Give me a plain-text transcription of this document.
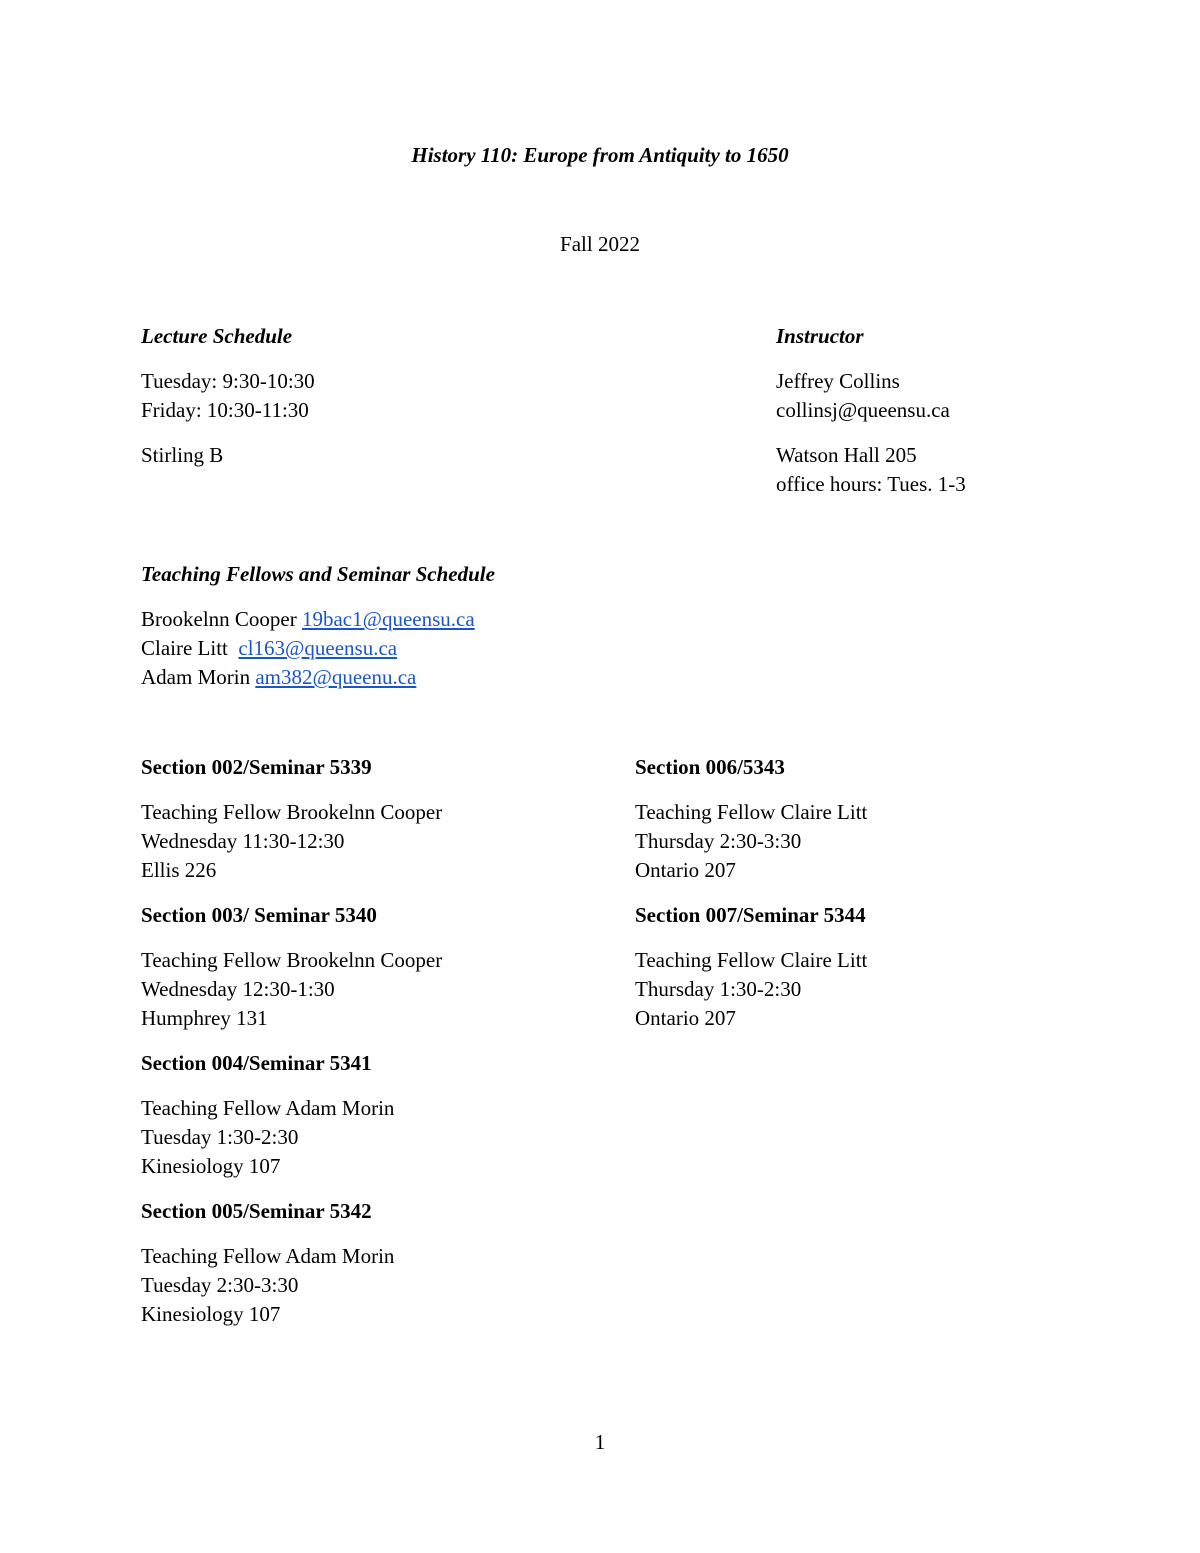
History 110: Europe from Antiquity to 1650
Fall 2022
Lecture Schedule
Tuesday: 9:30-10:30
Friday: 10:30-11:30
Stirling B
Instructor
Jeffrey Collins
collinsj@queensu.ca
Watson Hall 205
office hours: Tues. 1-3
Teaching Fellows and Seminar Schedule
Brookelnn Cooper 19bac1@queensu.ca
Claire Litt  cl163@queensu.ca
Adam Morin am382@queenu.ca
Section 002/Seminar 5339
Teaching Fellow Brookelnn Cooper
Wednesday 11:30-12:30
Ellis 226
Section 003/ Seminar 5340
Teaching Fellow Brookelnn Cooper
Wednesday 12:30-1:30
Humphrey 131
Section 004/Seminar 5341
Teaching Fellow Adam Morin
Tuesday 1:30-2:30
Kinesiology 107
Section 005/Seminar 5342
Teaching Fellow Adam Morin
Tuesday 2:30-3:30
Kinesiology 107
Section 006/5343
Teaching Fellow Claire Litt
Thursday 2:30-3:30
Ontario 207
Section 007/Seminar 5344
Teaching Fellow Claire Litt
Thursday 1:30-2:30
Ontario 207
1
